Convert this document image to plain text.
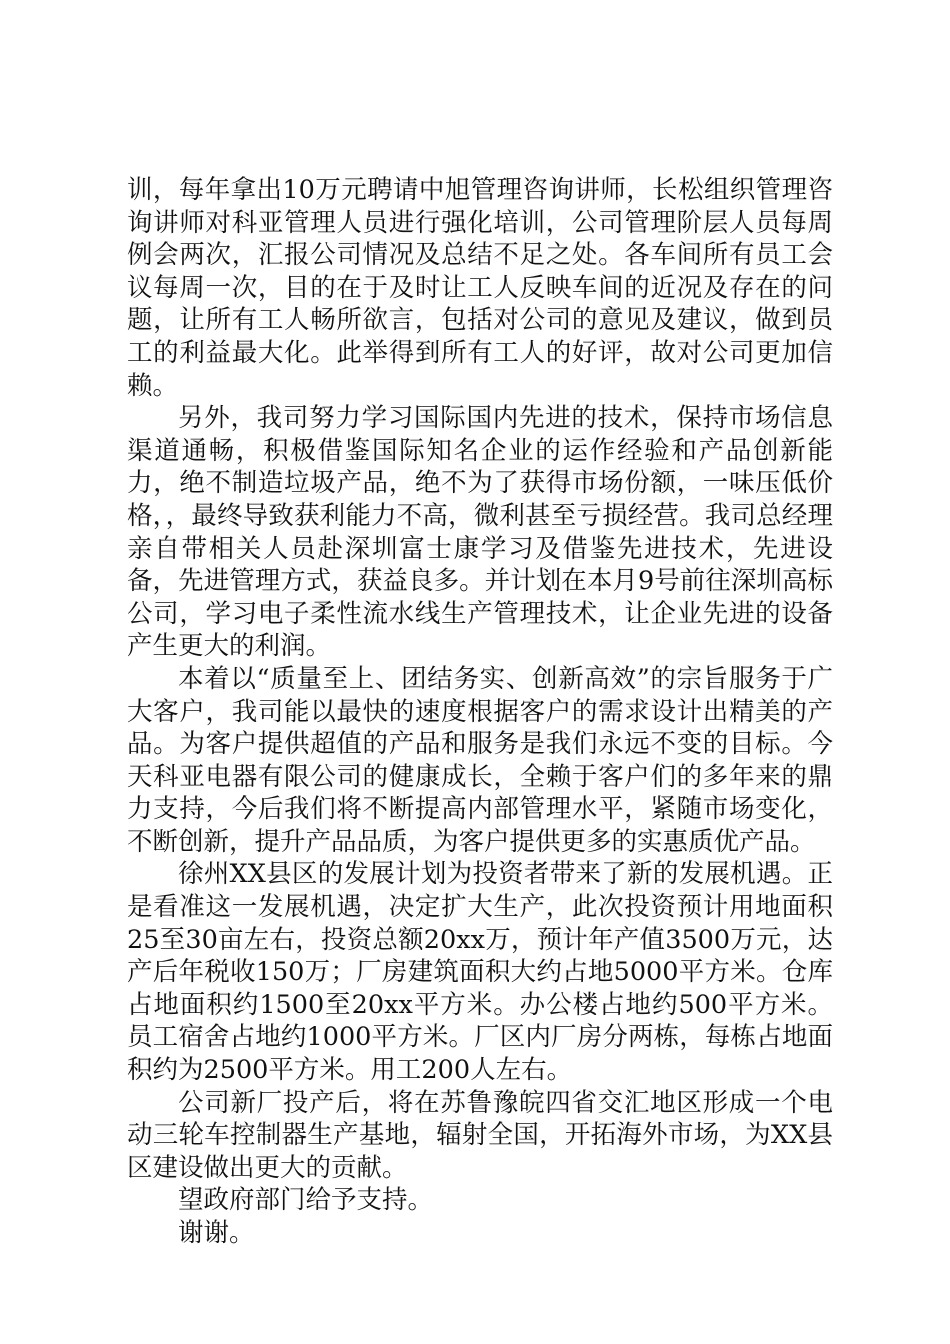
训，每年拿出10万元聘请中旭管理咨询讲师，长松组织管理咨询讲师对科亚管理人员进行强化培训，公司管理阶层人员每周例会两次，汇报公司情况及总结不足之处。各车间所有员工会议每周一次，目的在于及时让工人反映车间的近况及存在的问题，让所有工人畅所欲言，包括对公司的意见及建议，做到员工的利益最大化。此举得到所有工人的好评，故对公司更加信赖。

另外，我司努力学习国际国内先进的技术，保持市场信息渠道通畅，积极借鉴国际知名企业的运作经验和产品创新能力，绝不制造垃圾产品，绝不为了获得市场份额，一味压低价格，，最终导致获利能力不高，微利甚至亏损经营。我司总经理亲自带相关人员赴深圳富士康学习及借鉴先进技术，先进设备，先进管理方式，获益良多。并计划在本月9号前往深圳高标公司，学习电子柔性流水线生产管理技术，让企业先进的设备产生更大的利润。

本着以“质量至上、团结务实、创新高效”的宗旨服务于广大客户，我司能以最快的速度根据客户的需求设计出精美的产品。为客户提供超值的产品和服务是我们永远不变的目标。今天科亚电器有限公司的健康成长，全赖于客户们的多年来的鼎力支持，今后我们将不断提高内部管理水平，紧随市场变化，不断创新，提升产品品质，为客户提供更多的实惠质优产品。

徐州XX县区的发展计划为投资者带来了新的发展机遇。正是看准这一发展机遇，决定扩大生产，此次投资预计用地面积25至30亩左右，投资总额20xx万，预计年产值3500万元，达产后年税收150万；厂房建筑面积大约占地5000平方米。仓库占地面积约1500至20xx平方米。办公楼占地约500平方米。员工宿舍占地约1000平方米。厂区内厂房分两栋，每栋占地面积约为2500平方米。用工200人左右。

公司新厂投产后，将在苏鲁豫皖四省交汇地区形成一个电动三轮车控制器生产基地，辐射全国，开拓海外市场，为XX县区建设做出更大的贡献。

望政府部门给予支持。

谢谢。
